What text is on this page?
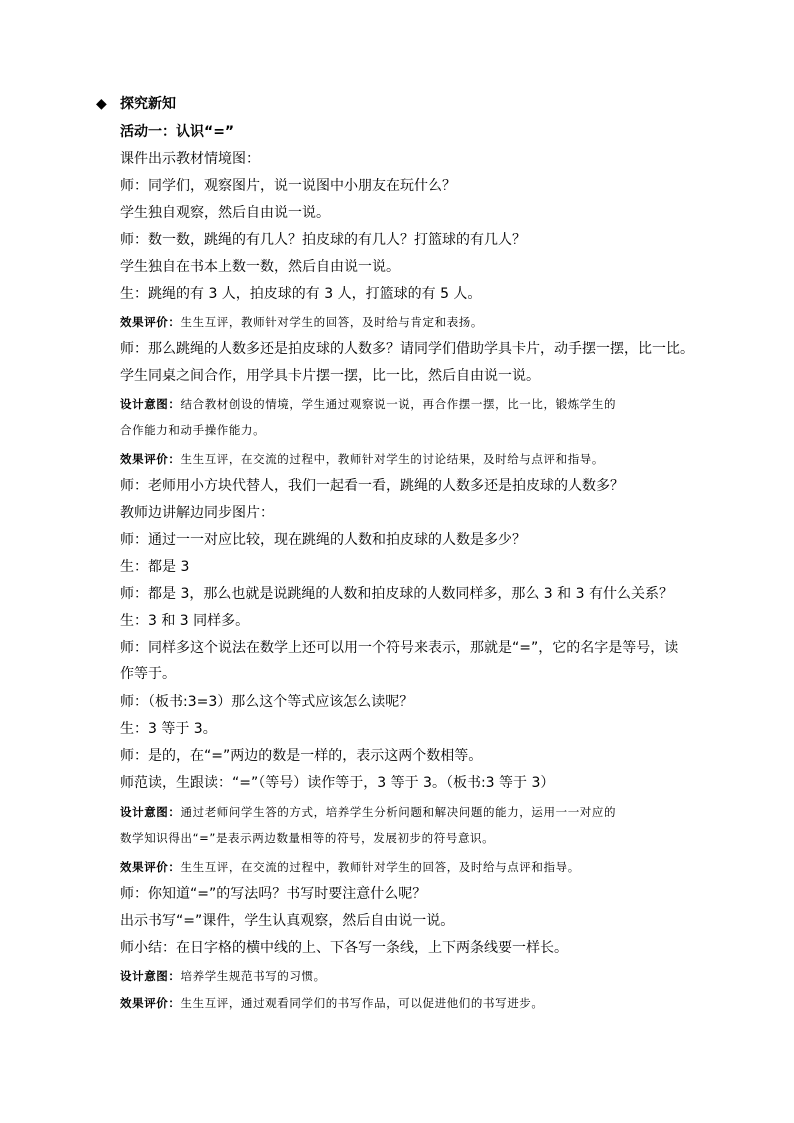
◆ 探究新知
活动一：认识“=”
课件出示教材情境图：
师：同学们，观察图片，说一说图中小朋友在玩什么？
学生独自观察，然后自由说一说。
师：数一数，跳绳的有几人？拍皮球的有几人？打篮球的有几人？
学生独自在书本上数一数，然后自由说一说。
生：跳绳的有 3 人，拍皮球的有 3 人，打篮球的有 5 人。
效果评价：生生互评，教师针对学生的回答，及时给与肯定和表扬。
师：那么跳绳的人数多还是拍皮球的人数多？请同学们借助学具卡片，动手摆一摆，比一比。
学生同桌之间合作，用学具卡片摆一摆，比一比，然后自由说一说。
设计意图：结合教材创设的情境，学生通过观察说一说，再合作摆一摆，比一比，锻炼学生的
合作能力和动手操作能力。
效果评价：生生互评，在交流的过程中，教师针对学生的讨论结果，及时给与点评和指导。
师：老师用小方块代替人，我们一起看一看，跳绳的人数多还是拍皮球的人数多？
教师边讲解边同步图片：
师：通过一一对应比较，现在跳绳的人数和拍皮球的人数是多少？
生：都是 3
师：都是 3，那么也就是说跳绳的人数和拍皮球的人数同样多，那么 3 和 3 有什么关系？
生：3 和 3 同样多。
师：同样多这个说法在数学上还可以用一个符号来表示，那就是“=”，它的名字是等号，读
作等于。
师：（板书:3=3）那么这个等式应该怎么读呢？
生：3 等于 3。
师：是的，在“=”两边的数是一样的，表示这两个数相等。
师范读，生跟读：“=”（等号）读作等于，3 等于 3。（板书:3 等于 3）
设计意图：通过老师问学生答的方式，培养学生分析问题和解决问题的能力，运用一一对应的
数学知识得出“=”是表示两边数量相等的符号，发展初步的符号意识。
效果评价：生生互评，在交流的过程中，教师针对学生的回答，及时给与点评和指导。
师：你知道“=”的写法吗？书写时要注意什么呢？
出示书写“=”课件，学生认真观察，然后自由说一说。
师小结：在日字格的横中线的上、下各写一条线，上下两条线要一样长。
设计意图：培养学生规范书写的习惯。
效果评价：生生互评，通过观看同学们的书写作品，可以促进他们的书写进步。
